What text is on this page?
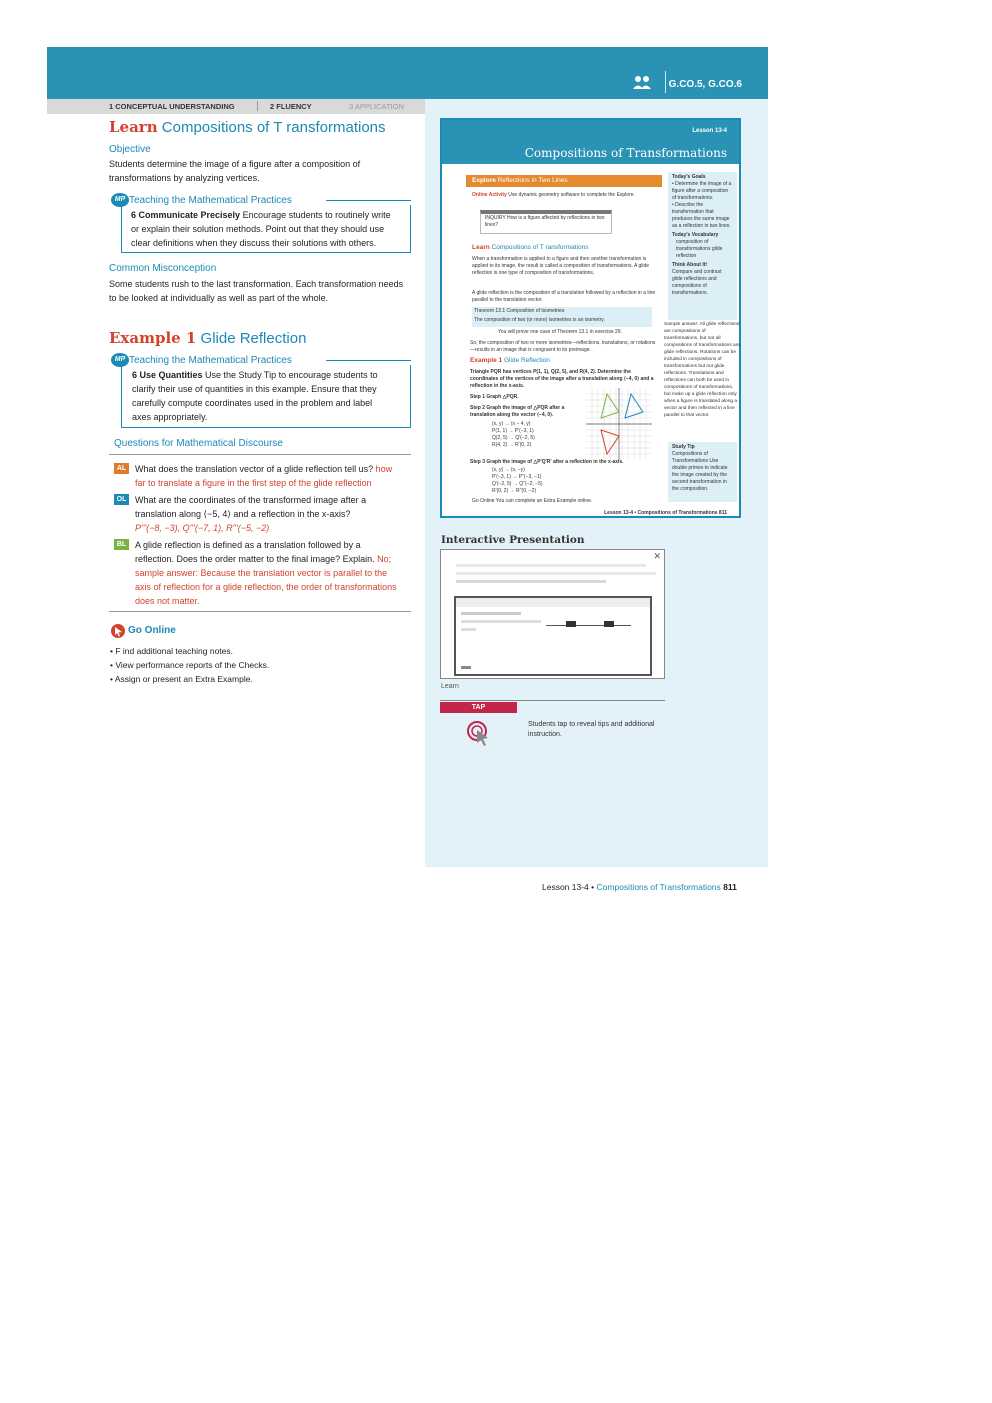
G.CO.5, G.CO.6
1 CONCEPTUAL UNDERSTANDING	2 FLUENCY	3 APPLICATION
Learn Compositions of T ransformations
Objective
Students determine the image of a figure after a composition of
transformations by analyzing vertices.
MP Teaching the Mathematical Practices
6 Communicate Precisely Encourage students to routinely write
or explain their solution methods. Point out that they should use
clear definitions when they discuss their solutions with others.
Common Misconception
Some students rush to the last transformation. Each transformation needs
to be looked at individually as well as part of the whole.
Example 1 Glide Reflection
MP Teaching the Mathematical Practices
6 Use Quantities Use the Study Tip to encourage students to
clarify their use of quantities in this example. Ensure that they
carefully compute coordinates used in the problem and label
axes appropriately.
Questions for Mathematical Discourse
AL What does the translation vector of a glide reflection tell us? how
far to translate a figure in the first step of the glide reflection
OL What are the coordinates of the transformed image after a
translation along ⟨−5, 4⟩ and a reflection in the x-axis?
P'''(−8, −3), Q'''(−7, 1), R'''(−5, −2)
BL A glide reflection is defined as a translation followed by a
reflection. Does the order matter to the final image? Explain. No;
sample answer: Because the translation vector is parallel to the
axis of reflection for a glide reflection, the order of transformations
does not matter.
Go Online
• F ind additional teaching notes.
• View performance reports of the Checks.
• Assign or present an Extra Example.
Lesson 13-4
Compositions of Transformations
Explore Reflections in Two Lines
Online Activity Use dynamic geometry software to complete the Explore.
INQUIRY How is a figure affected by reflections in two lines?
Learn Compositions of T ransformations
When a transformation is applied to a figure and then another transformation is applied to its image, the result is called a composition of transformations. A glide reflection is one type of composition of transformations.
A glide reflection is the composition of a translation followed by a reflection in a line parallel to the translation vector.
Theorem 13.1 Composition of Isometries
The composition of two (or more) isometries is an isometry.
You will prove one case of Theorem 13.1 in exercise 29.
So, the composition of two or more isometries—reflections, translations, or rotations—results in an image that is congruent to its preimage.
Example 1 Glide Reflection
Triangle PQR has vertices P(1, 1), Q(2, 5), and R(4, 2). Determine the coordinates of the vertices of the image after a translation along ⟨−4, 0⟩ and a reflection in the x-axis.
Step 1 Graph △PQR.
Step 2 Graph the image of △PQR after a translation along the vector ⟨−4, 0⟩.
(x, y) → (x − 4, y)
P(1, 1) → P'(−3, 1)
Q(2, 5) → Q'(−2, 5)
R(4, 2) → R'(0, 2)
Step 3 Graph the image of △P'Q'R' after a reflection in the x-axis.
(x, y) → (x, −y)
P'(−3, 1) → P''(−3, −1)
Q'(−2, 5) → Q''(−2, −5)
R'(0, 2) → R''(0, −2)
Go Online You can complete an Extra Example online.
Lesson 13-4 • Compositions of Transformations 811
Today's Goals
• Determine the image of a figure after a composition of transformations.
• Describe the transformation that produces the same image as a reflection in two lines.
Today's Vocabulary
composition of transformations glide reflection
Think About It!
Compare and contrast glide reflections and compositions of transformations.
Sample answer: All glide reflections are compositions of transformations, but not all compositions of transformations are glide reflections. Rotations can be included in compositions of transformations but not glide reflections. Translations and reflections can both be used in compositions of transformations, but make up a glide reflection only when a figure is translated along a vector and then reflected in a line parallel to that vector.
Study Tip
Compositions of Transformations Use double primes to indicate the image created by the second transformation in the composition.
Interactive Presentation
✕
Learn
TAP
Students tap to reveal tips and additional
instruction.
Lesson 13-4 • Compositions of Transformations 811
